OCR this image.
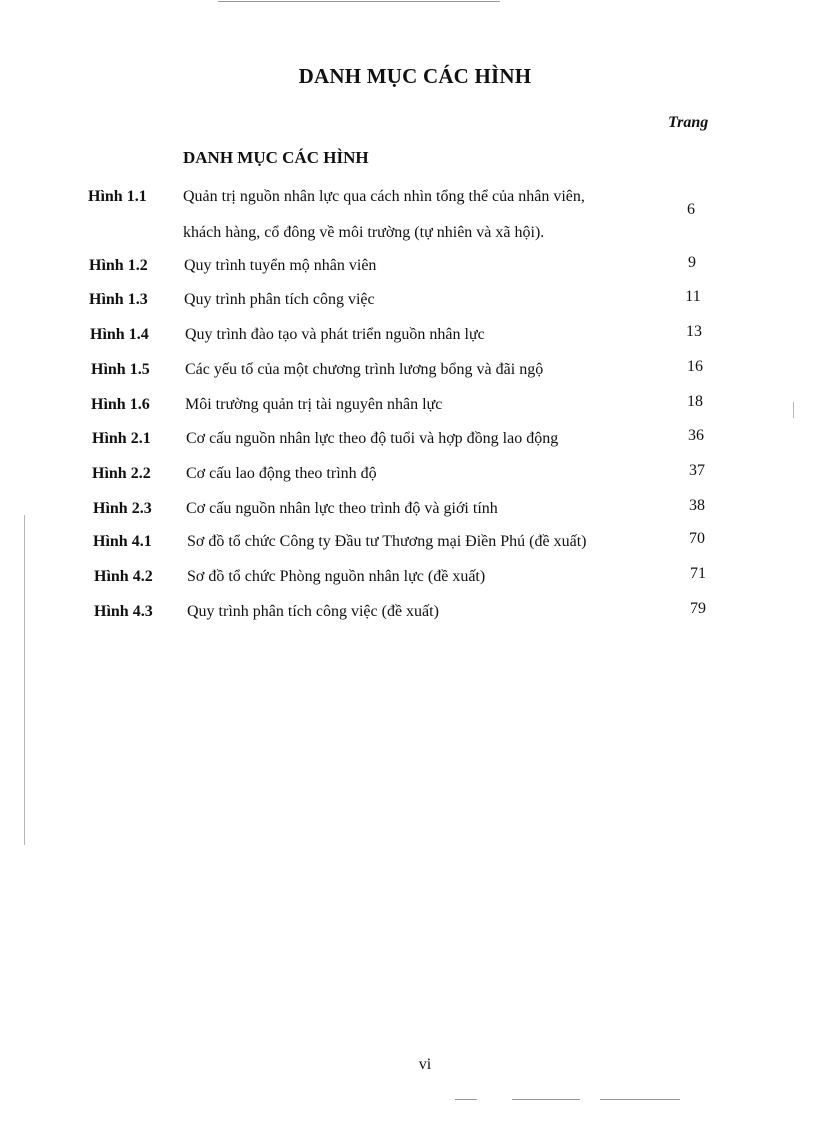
DANH MỤC CÁC HÌNH
Trang
DANH MỤC CÁC HÌNH
Hình 1.1 Quản trị nguồn nhân lực qua cách nhìn tổng thể của nhân viên,
khách hàng, cổ đông về môi trường (tự nhiên và xã hội).
6
Hình 1.2 Quy trình tuyển mộ nhân viên	9
Hình 1.3 Quy trình phân tích công việc	11
Hình 1.4 Quy trình đào tạo và phát triển nguồn nhân lực	13
Hình 1.5 Các yếu tố của một chương trình lương bổng và đãi ngộ	16
Hình 1.6 Môi trường quản trị tài nguyên nhân lực	18
Hình 2.1 Cơ cấu nguồn nhân lực theo độ tuổi và hợp đồng lao động	36
Hình 2.2 Cơ cấu lao động theo trình độ	37
Hình 2.3 Cơ cấu nguồn nhân lực theo trình độ và giới tính	38
Hình 4.1 Sơ đồ tổ chức Công ty Đầu tư Thương mại Điền Phú (đề xuất)	70
Hình 4.2 Sơ đồ tổ chức Phòng nguồn nhân lực (đề xuất)	71
Hình 4.3 Quy trình phân tích công việc (đề xuất)	79
vi
